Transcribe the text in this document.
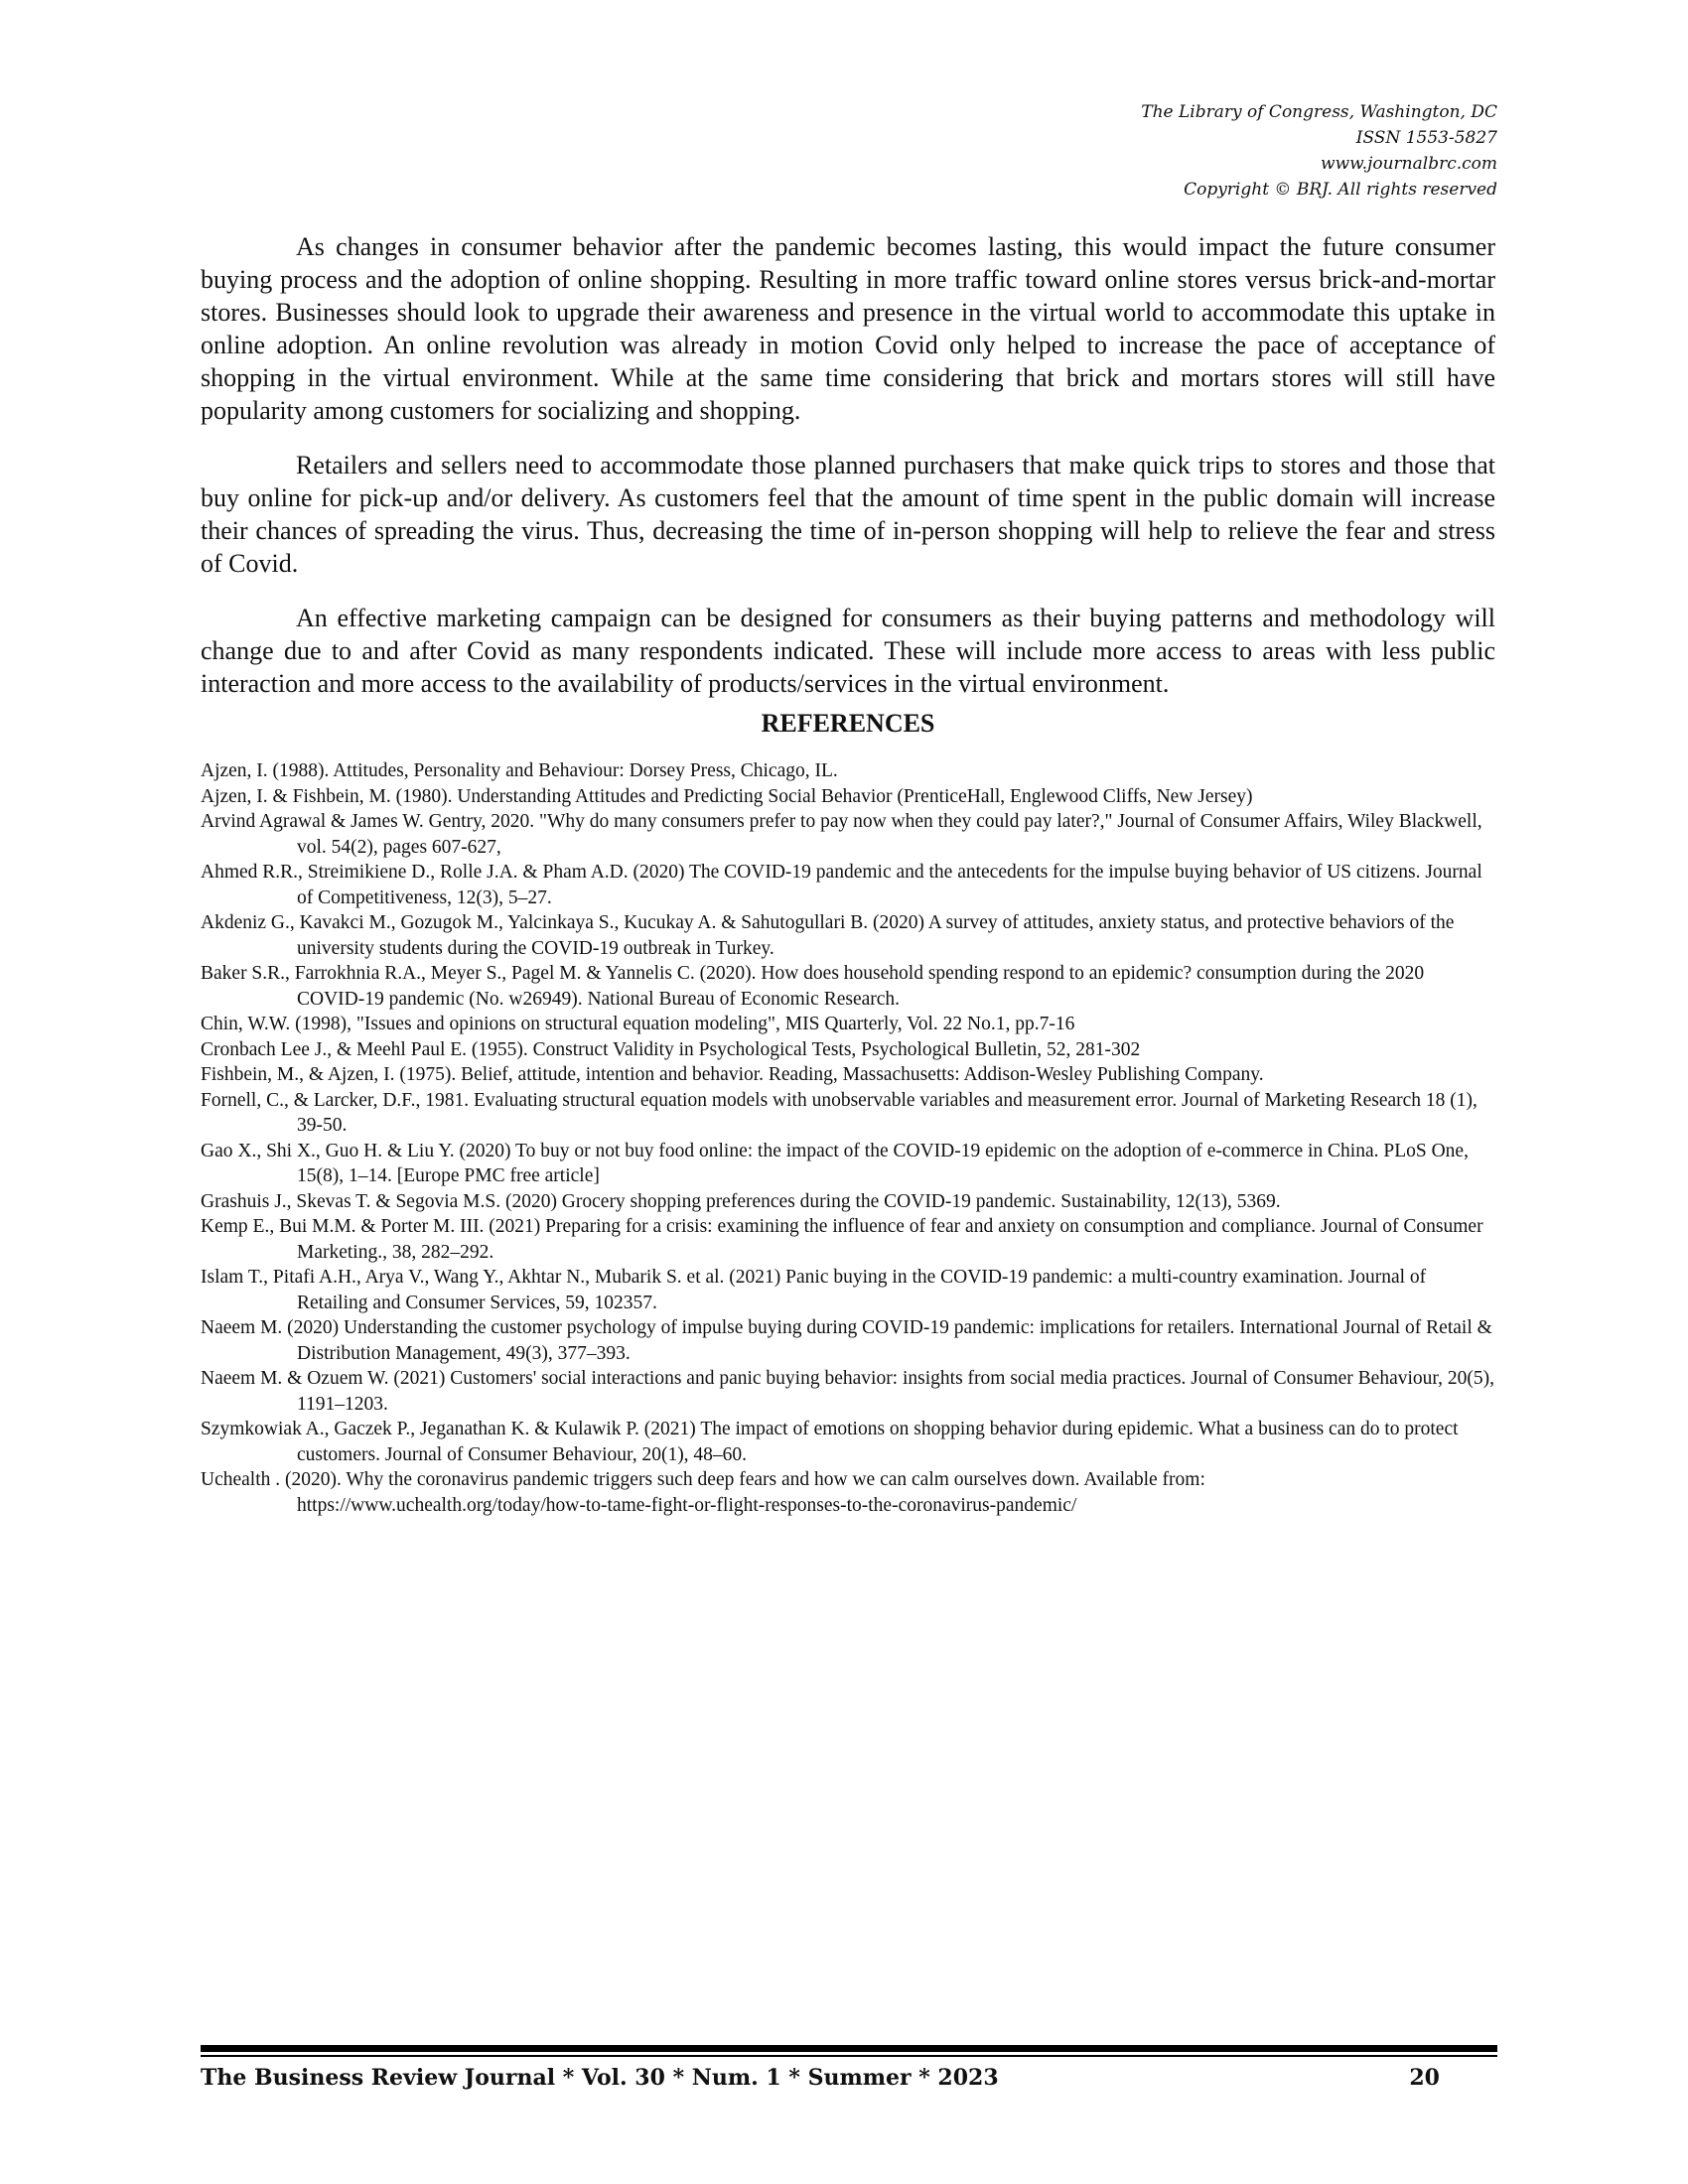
The Library of Congress, Washington, DC
ISSN 1553-5827
www.journalbrc.com
Copyright © BRJ. All rights reserved

As changes in consumer behavior after the pandemic becomes lasting, this would impact the future consumer buying process and the adoption of online shopping. Resulting in more traffic toward online stores versus brick-and-mortar stores. Businesses should look to upgrade their awareness and presence in the virtual world to accommodate this uptake in online adoption. An online revolution was already in motion Covid only helped to increase the pace of acceptance of shopping in the virtual environment. While at the same time considering that brick and mortars stores will still have popularity among customers for socializing and shopping.

Retailers and sellers need to accommodate those planned purchasers that make quick trips to stores and those that buy online for pick-up and/or delivery. As customers feel that the amount of time spent in the public domain will increase their chances of spreading the virus. Thus, decreasing the time of in-person shopping will help to relieve the fear and stress of Covid.

An effective marketing campaign can be designed for consumers as their buying patterns and methodology will change due to and after Covid as many respondents indicated. These will include more access to areas with less public interaction and more access to the availability of products/services in the virtual environment.

REFERENCES
Ajzen, I. (1988). Attitudes, Personality and Behaviour: Dorsey Press, Chicago, IL.
Ajzen, I. & Fishbein, M. (1980). Understanding Attitudes and Predicting Social Behavior (PrenticeHall, Englewood Cliffs, New Jersey)
Arvind Agrawal & James W. Gentry, 2020. "Why do many consumers prefer to pay now when they could pay later?," Journal of Consumer Affairs, Wiley Blackwell, vol. 54(2), pages 607-627,
Ahmed R.R., Streimikiene D., Rolle J.A. & Pham A.D. (2020) The COVID-19 pandemic and the antecedents for the impulse buying behavior of US citizens. Journal of Competitiveness, 12(3), 5–27.
Akdeniz G., Kavakci M., Gozugok M., Yalcinkaya S., Kucukay A. & Sahutogullari B. (2020) A survey of attitudes, anxiety status, and protective behaviors of the university students during the COVID-19 outbreak in Turkey.
Baker S.R., Farrokhnia R.A., Meyer S., Pagel M. & Yannelis C. (2020). How does household spending respond to an epidemic? consumption during the 2020 COVID-19 pandemic (No. w26949). National Bureau of Economic Research.
Chin, W.W. (1998), "Issues and opinions on structural equation modeling", MIS Quarterly, Vol. 22 No.1, pp.7-16
Cronbach Lee J., & Meehl Paul E. (1955). Construct Validity in Psychological Tests, Psychological Bulletin, 52, 281-302
Fishbein, M., & Ajzen, I. (1975). Belief, attitude, intention and behavior. Reading, Massachusetts: Addison-Wesley Publishing Company.
Fornell, C., & Larcker, D.F., 1981. Evaluating structural equation models with unobservable variables and measurement error. Journal of Marketing Research 18 (1), 39-50.
Gao X., Shi X., Guo H. & Liu Y. (2020) To buy or not buy food online: the impact of the COVID-19 epidemic on the adoption of e-commerce in China. PLoS One, 15(8), 1–14. [Europe PMC free article]
Grashuis J., Skevas T. & Segovia M.S. (2020) Grocery shopping preferences during the COVID-19 pandemic. Sustainability, 12(13), 5369.
Kemp E., Bui M.M. & Porter M. III. (2021) Preparing for a crisis: examining the influence of fear and anxiety on consumption and compliance. Journal of Consumer Marketing., 38, 282–292.
Islam T., Pitafi A.H., Arya V., Wang Y., Akhtar N., Mubarik S. et al. (2021) Panic buying in the COVID-19 pandemic: a multi-country examination. Journal of Retailing and Consumer Services, 59, 102357.
Naeem M. (2020) Understanding the customer psychology of impulse buying during COVID-19 pandemic: implications for retailers. International Journal of Retail & Distribution Management, 49(3), 377–393.
Naeem M. & Ozuem W. (2021) Customers' social interactions and panic buying behavior: insights from social media practices. Journal of Consumer Behaviour, 20(5), 1191–1203.
Szymkowiak A., Gaczek P., Jeganathan K. & Kulawik P. (2021) The impact of emotions on shopping behavior during epidemic. What a business can do to protect customers. Journal of Consumer Behaviour, 20(1), 48–60.
Uchealth . (2020). Why the coronavirus pandemic triggers such deep fears and how we can calm ourselves down. Available from: https://www.uchealth.org/today/how-to-tame-fight-or-flight-responses-to-the-coronavirus-pandemic/
The Business Review Journal * Vol. 30 * Num. 1 * Summer * 2023	20
